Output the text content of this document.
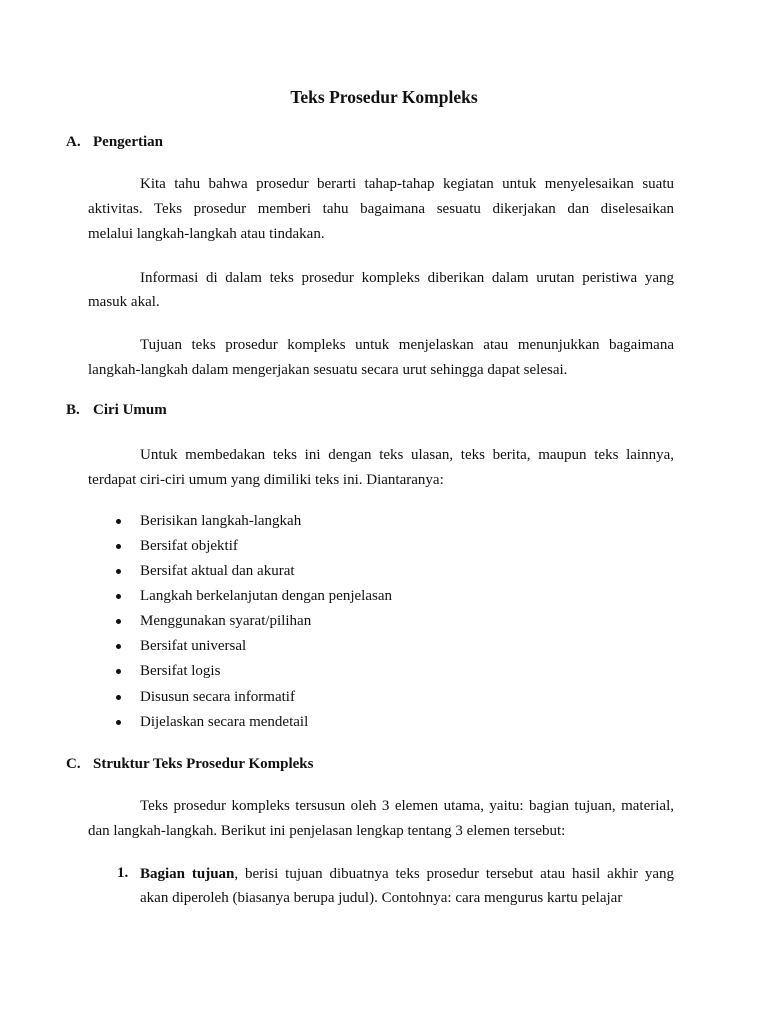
Teks Prosedur Kompleks
A. Pengertian
Kita tahu bahwa prosedur berarti tahap-tahap kegiatan untuk menyelesaikan suatu
aktivitas. Teks prosedur memberi tahu bagaimana sesuatu dikerjakan dan diselesaikan
melalui langkah-langkah atau tindakan.
Informasi di dalam teks prosedur kompleks diberikan dalam urutan peristiwa yang
masuk akal.
Tujuan teks prosedur kompleks untuk menjelaskan atau menunjukkan bagaimana
langkah-langkah dalam mengerjakan sesuatu secara urut sehingga dapat selesai.
B. Ciri Umum
Untuk membedakan teks ini dengan teks ulasan, teks berita, maupun teks lainnya,
terdapat ciri-ciri umum yang dimiliki teks ini. Diantaranya:
Berisikan langkah-langkah
Bersifat objektif
Bersifat aktual dan akurat
Langkah berkelanjutan dengan penjelasan
Menggunakan syarat/pilihan
Bersifat universal
Bersifat logis
Disusun secara informatif
Dijelaskan secara mendetail
C. Struktur Teks Prosedur Kompleks
Teks prosedur kompleks tersusun oleh 3 elemen utama, yaitu: bagian tujuan, material,
dan langkah-langkah. Berikut ini penjelasan lengkap tentang 3 elemen tersebut:
1. Bagian tujuan, berisi tujuan dibuatnya teks prosedur tersebut atau hasil akhir yang
akan diperoleh (biasanya berupa judul). Contohnya: cara mengurus kartu pelajar
